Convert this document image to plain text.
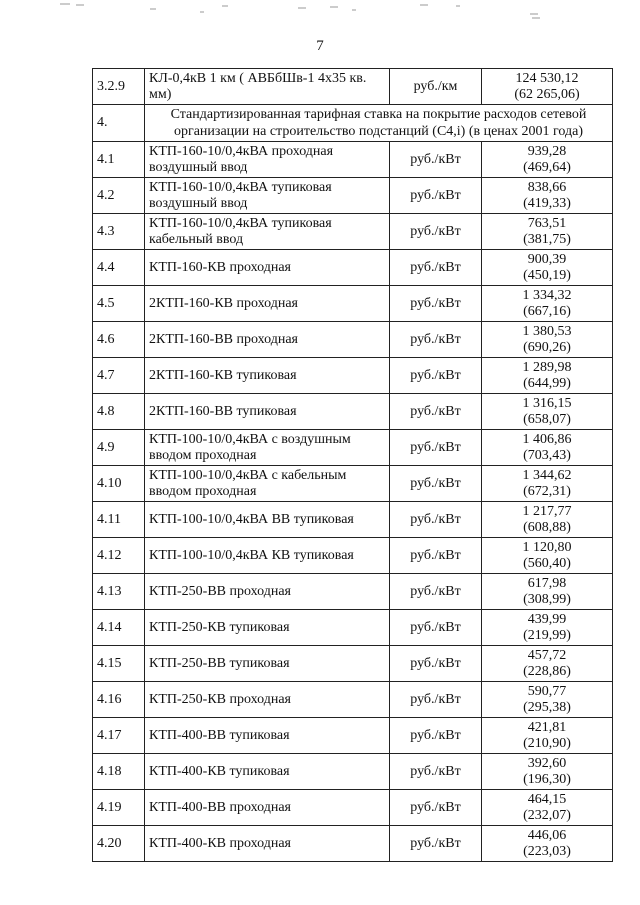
7
3.2.9	КЛ-0,4кВ 1 км ( АВБбШв-1 4х35 кв. мм)	руб./км	124 530,12
(62 265,06)

4.	Стандартизированная тарифная ставка на покрытие расходов сетевой организации на строительство подстанций (С4,i) (в ценах 2001 года)		
4.1	КТП-160-10/0,4кВА проходная воздушный ввод	руб./кВт	939,28
(469,64)

4.2	КТП-160-10/0,4кВА тупиковая воздушный ввод	руб./кВт	838,66
(419,33)

4.3	КТП-160-10/0,4кВА тупиковая кабельный ввод	руб./кВт	763,51
(381,75)

4.4	КТП-160-КВ проходная	руб./кВт	900,39
(450,19)

4.5	2КТП-160-КВ проходная	руб./кВт	1 334,32
(667,16)

4.6	2КТП-160-ВВ проходная	руб./кВт	1 380,53
(690,26)

4.7	2КТП-160-КВ тупиковая	руб./кВт	1 289,98
(644,99)

4.8	2КТП-160-ВВ тупиковая	руб./кВт	1 316,15
(658,07)

4.9	КТП-100-10/0,4кВА с воздушным вводом проходная	руб./кВт	1 406,86
(703,43)

4.10	КТП-100-10/0,4кВА с кабельным вводом проходная	руб./кВт	1 344,62
(672,31)

4.11	КТП-100-10/0,4кВА ВВ тупиковая	руб./кВт	1 217,77
(608,88)

4.12	КТП-100-10/0,4кВА КВ тупиковая	руб./кВт	1 120,80
(560,40)

4.13	КТП-250-ВВ проходная	руб./кВт	617,98
(308,99)

4.14	КТП-250-КВ тупиковая	руб./кВт	439,99
(219,99)

4.15	КТП-250-ВВ тупиковая	руб./кВт	457,72
(228,86)

4.16	КТП-250-КВ проходная	руб./кВт	590,77
(295,38)

4.17	КТП-400-ВВ тупиковая	руб./кВт	421,81
(210,90)

4.18	КТП-400-КВ тупиковая	руб./кВт	392,60
(196,30)

4.19	КТП-400-ВВ проходная	руб./кВт	464,15
(232,07)

4.20	КТП-400-КВ проходная	руб./кВт	446,06
(223,03)
